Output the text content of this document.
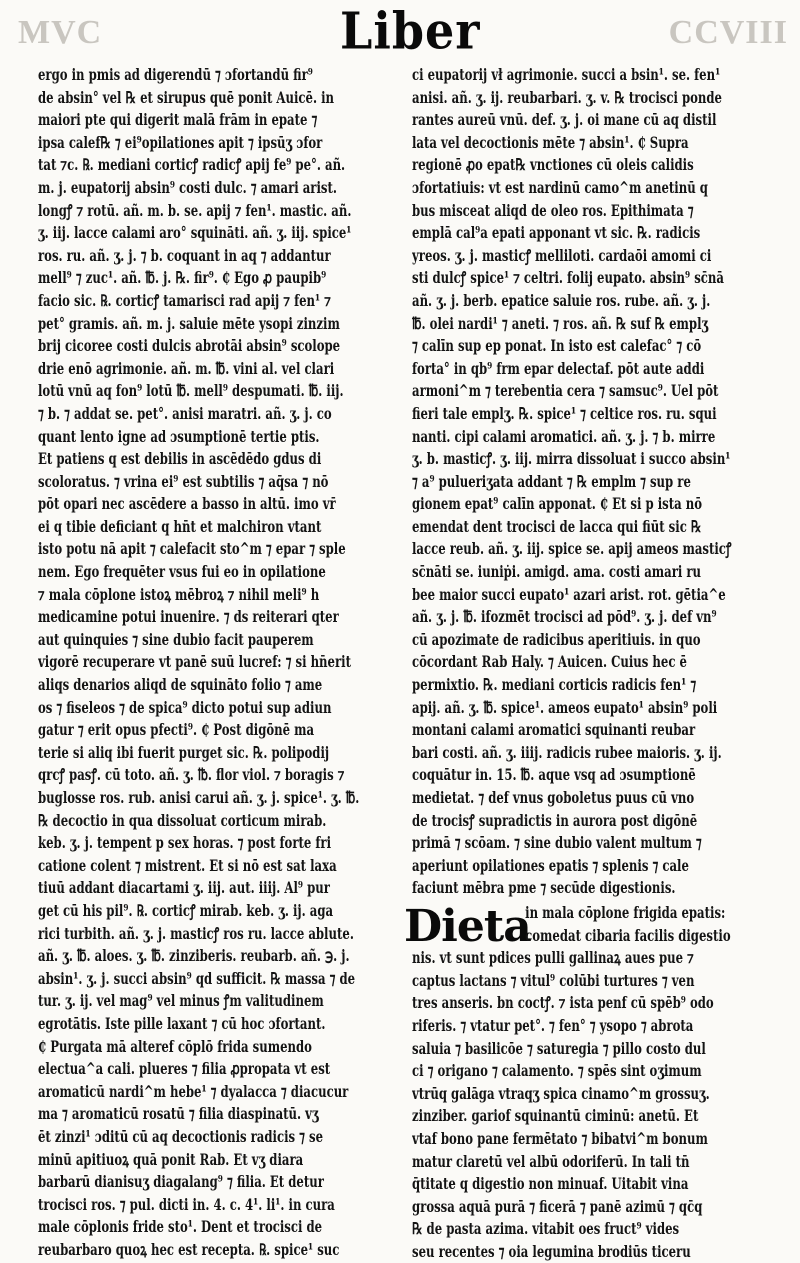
MVC	CCVIII
Liber
ergo in pmis ad digerendū ⁊ ɔfortandū fir⁹
de absin° vel ℞ et sirupus quē ponit Auicē. in
maiori pte qui digerit malā frām in epate ⁊
ipsa calef℞ ⁊ ei⁹opilationes apit ⁊ ipsūʒ ɔfor
tat ⁊c. ℞. mediani corticꝭ radicꝭ apij fe⁹ pe°. añ.
m. j. eupatorij absin⁹ costi dulc. ⁊ amari arist.
longꝭ ⁊ rotū. añ. m. b. se. apij ⁊ fen¹. mastic. añ.
ʒ. iij. lacce calami aro° squināti. añ. ʒ. iij. spice¹
ros. ru. añ. ʒ. j. ⁊ b. coquant in aq ⁊ addantur
mell⁹ ⁊ zuc¹. añ. ℔. j. ℞. fir⁹. ₵ Ego ꝓ paupib⁹
facio sic. ℞. corticꝭ tamarisci rad apij ⁊ fen¹ ⁊
pet° gramis. añ. m. j. saluie mēte ysopi zinzim
brij cicoree costi dulcis abrotāi absin⁹ scolope
drie enō agrimonie. añ. m. ℔. vini al. vel clari
lotū vnū aq fon⁹ lotū ℔. mell⁹ despumati. ℔. iij.
⁊ b. ⁊ addat se. pet°. anisi maratri. añ. ʒ. j. co
quant lento igne ad ɔsumptionē tertie ptis.
Et patiens q est debilis in ascēdēdo gdus di
scoloratus. ⁊ vrina ei⁹ est subtilis ⁊ aq̄sa ⁊ nō
pōt opari nec ascēdere a basso in altū. imo vr̄
ei q tibie deficiant q hn̄t et malchiron vtant
isto potu nā apit ⁊ calefacit sto^m ⁊ epar ⁊ sple
nem. Ego frequēter vsus fui eo in opilatione
⁊ mala cōplone istoꝝ mēbroꝝ ⁊ nihil meli⁹ h
medicamine potui inuenire. ⁊ ds reiterari qter
aut quinquies ⁊ sine dubio facit pauperem
vigorē recuperare vt panē suū lucref: ⁊ si hn̄erit
aliqs denarios aliqd de squināto folio ⁊ ame
os ⁊ fiseleos ⁊ de spica⁹ dicto potui sup adiun
gatur ⁊ erit opus pfecti⁹. ₵ Post digōnē ma
terie si aliq ibi fuerit purget sic. ℞. polipodij
qrcꝭ pasꝭ. cū toto. añ. ʒ. ℔. flor viol. ⁊ boragis ⁊
buglosse ros. rub. anisi carui añ. ʒ. j. spice¹. ʒ. ℔.
℞ decoctio in qua dissoluat corticum mirab.
keb. ʒ. j. tempent p sex horas. ⁊ post forte fri
catione colent ⁊ mistrent. Et si nō est sat laxa
tiuū addant diacartami ʒ. iij. aut. iiij. Al⁹ pur
get cū his pil⁹. ℞. corticꝭ mirab. keb. ʒ. ij. aga
rici turbith. añ. ʒ. j. masticꝭ ros ru. lacce ablute.
añ. ʒ. ℔. aloes. ʒ. ℔. zinziberis. reubarb. añ. ℈. j.
absin¹. ʒ. j. succi absin⁹ qd sufficit. ℞ massa ⁊ de
tur. ʒ. ij. vel mag⁹ vel minus ꝭm valitudinem
egrotātis. Iste pille laxant ⁊ cū hoc ɔfortant.
₵ Purgata mā alteref cōplō frida sumendo
electua^a cali. plueres ⁊ filia ꝓpropata vt est
aromaticū nardi^m hebe¹ ⁊ dyalacca ⁊ diacucur
ma ⁊ aromaticū rosatū ⁊ filia diaspinatū. vʒ
ēt zinzi¹ ɔditū cū aq decoctionis radicis ⁊ se
minū apitiuoꝝ quā ponit Rab. Et vʒ diara
barbarū dianisuʒ diagalang⁹ ⁊ filia. Et detur
trocisci ros. ⁊ pul. dicti in. 4. c. 4¹. li¹. in cura
male cōplonis fride sto¹. Dent et trocisci de
reubarbaro quoꝝ hec est recepta. ℞. spice¹ suc
ci eupatorij vł agrimonie. succi a bsin¹. se. fen¹
anisi. añ. ʒ. ij. reubarbari. ʒ. v. ℞ trocisci ponde
rantes aureū vnū. def. ʒ. j. oi mane cū aq distil
lata vel decoctionis mēte ⁊ absin¹. ₵ Supra
regionē ꝓo epat℞ vnctiones cū oleis calidis
ɔfortatiuis: vt est nardinū camo^m anetinū q
bus misceat aliqd de oleo ros. Epithimata ⁊
emplā cal⁹a epati apponant vt sic. ℞. radicis
yreos. ʒ. j. masticꝭ melliloti. cardaōi amomi ci
sti dulcꝭ spice¹ ⁊ celtri. folij eupato. absin⁹ sc̄nā
añ. ʒ. j. berb. epatice saluie ros. rube. añ. ʒ. j.
℔. olei nardi¹ ⁊ aneti. ⁊ ros. añ. ℞ suf ℞ emplʒ
⁊ calīn sup ep ponat. In isto est calefac° ⁊ cō
forta° in qb⁹ frm epar delectaf. pōt aute addi
armoni^m ⁊ terebentia cera ⁊ samsuc⁹. Uel pōt
fieri tale emplʒ. ℞. spice¹ ⁊ celtice ros. ru. squi
nanti. cipi calami aromatici. añ. ʒ. j. ⁊ b. mirre
ʒ. b. masticꝭ. ʒ. iij. mirra dissoluat i succo absin¹
⁊ a⁹ pulueriʒata addant ⁊ ℞ emplm ⁊ sup re
gionem epat⁹ calīn apponat. ₵ Et si p ista nō
emendat dent trocisci de lacca qui fiūt sic ℞
lacce reub. añ. ʒ. iij. spice se. apij ameos masticꝭ
sc̄nāti se. iuniṗi. amigd. ama. costi amari ru
bee maior succi eupato¹ azari arist. rot. gētia^e
añ. ʒ. j. ℔. ifozmēt trocisci ad pōd⁹. ʒ. j. def vn⁹
cū apozimate de radicibus aperitiuis. in quo
cōcordant Rab Haly. ⁊ Auicen. Cuius hec ē
permixtio. ℞. mediani corticis radicis fen¹ ⁊
apij. añ. ʒ. ℔. spice¹. ameos eupato¹ absin⁹ poli
montani calami aromatici squinanti reubar
bari costi. añ. ʒ. iiij. radicis rubee maioris. ʒ. ij.
coquātur in. 15. ℔. aque vsq ad ɔsumptionē
medietat. ⁊ def vnus goboletus puus cū vno
de trocisꝭ supradictis in aurora post digōnē
primā ⁊ scōam. ⁊ sine dubio valent multum ⁊
aperiunt opilationes epatis ⁊ splenis ⁊ cale
faciunt mēbra pme ⁊ secūde digestionis.
Dieta
in mala cōplone frigida epatis:
comedat cibaria facilis digestio
nis. vt sunt pdices pulli gallinaꝝ aues pue ⁊
captus lactans ⁊ vitul⁹ colūbi turtures ⁊ ven
tres anseris. bn coctꝭ. ⁊ ista penf cū spēb⁹ odo
riferis. ⁊ vtatur pet°. ⁊ fen° ⁊ ysopo ⁊ abrota
saluia ⁊ basilicōe ⁊ saturegia ⁊ pillo costo dul
ci ⁊ origano ⁊ calamento. ⁊ spēs sint oʒimum
vtrūq galāga vtraqʒ spica cinamo^m grossuʒ.
zinziber. gariof squinantū ciminū: anetū. Et
vtaf bono pane fermētato ⁊ bibatvi^m bonum
matur claretū vel albū odoriferū. In tali tn̄
q̄titate q digestio non minuaf. Uitabit vina
grossa aquā purā ⁊ ficerā ⁊ panē azimū ⁊ qc̄q
℞ de pasta azima. vitabit oes fruct⁹ vides
seu recentes ⁊ oia legumina brodiūs ticeru
